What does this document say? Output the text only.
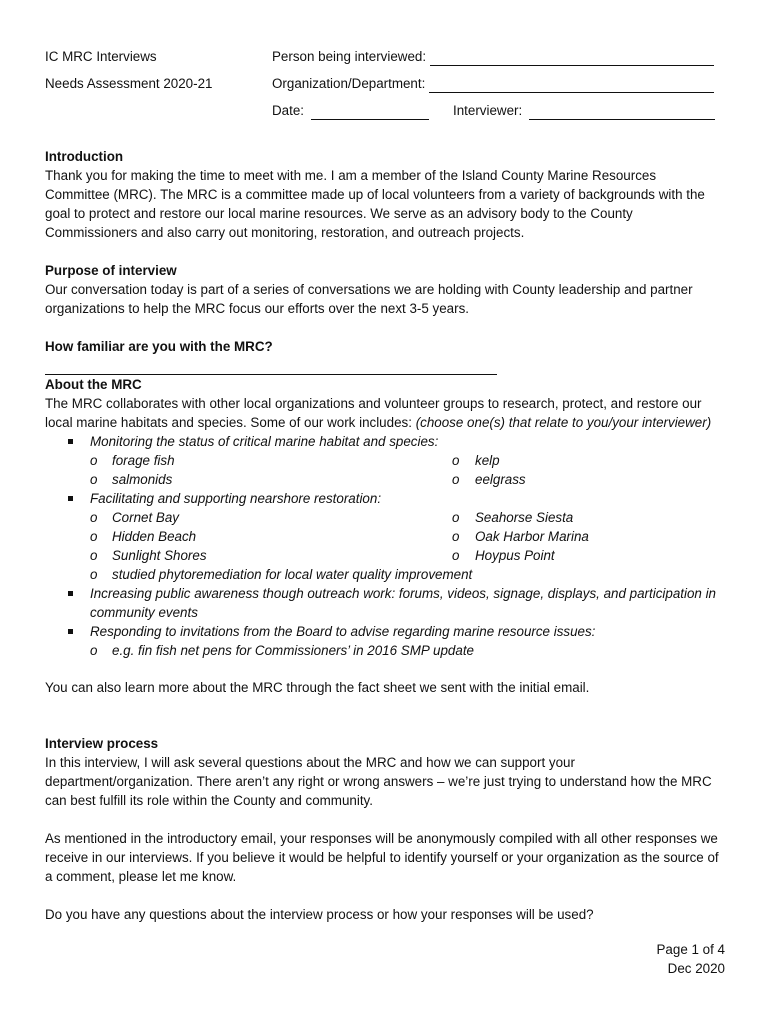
IC MRC Interviews
Needs Assessment 2020-21
Person being interviewed:
Organization/Department:
Date:	Interviewer:

Introduction

Thank you for making the time to meet with me. I am a member of the Island County Marine Resources Committee (MRC). The MRC is a committee made up of local volunteers from a variety of backgrounds with the goal to protect and restore our local marine resources. We serve as an advisory body to the County Commissioners and also carry out monitoring, restoration, and outreach projects.

Purpose of interview

Our conversation today is part of a series of conversations we are holding with County leadership and partner organizations to help the MRC focus our efforts over the next 3-5 years.

How familiar are you with the MRC?

About the MRC

The MRC collaborates with other local organizations and volunteer groups to research, protect, and restore our local marine habitats and species. Some of our work includes: (choose one(s) that relate to you/your interviewer)

Monitoring the status of critical marine habitat and species:
o forage fish	o kelp
o salmonids	o eelgrass
Facilitating and supporting nearshore restoration:
o Cornet Bay	o Seahorse Siesta
o Hidden Beach	o Oak Harbor Marina
o Sunlight Shores	o Hoypus Point
o studied phytoremediation for local water quality improvement
Increasing public awareness though outreach work: forums, videos, signage, displays, and participation in community events
Responding to invitations from the Board to advise regarding marine resource issues:
o e.g. fin fish net pens for Commissioners’ in 2016 SMP update

You can also learn more about the MRC through the fact sheet we sent with the initial email.

Interview process

In this interview, I will ask several questions about the MRC and how we can support your department/organization. There aren’t any right or wrong answers – we’re just trying to understand how the MRC can best fulfill its role within the County and community.

As mentioned in the introductory email, your responses will be anonymously compiled with all other responses we receive in our interviews. If you believe it would be helpful to identify yourself or your organization as the source of a comment, please let me know.

Do you have any questions about the interview process or how your responses will be used?

Page 1 of 4
Dec 2020
